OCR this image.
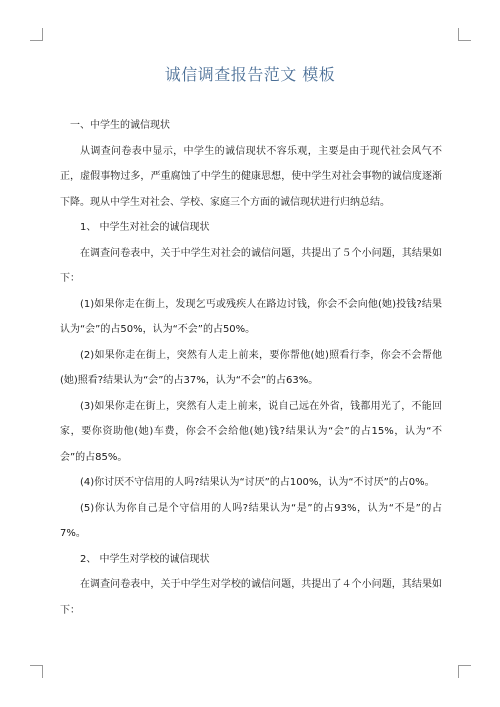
诚信调查报告范文 模板

一、中学生的诚信现状

从调查问卷表中显示，中学生的诚信现状不容乐观，主要是由于现代社会风气不正，虚假事物过多，严重腐蚀了中学生的健康思想，使中学生对社会事物的诚信度逐渐下降。现从中学生对社会、学校、家庭三个方面的诚信现状进行归纳总结。

1、 中学生对社会的诚信现状

在调查问卷表中，关于中学生对社会的诚信问题，共提出了５个小问题，其结果如下：

(1)如果你走在街上，发现乞丐或残疾人在路边讨钱，你会不会向他(她)投钱?结果认为“会”的占50%，认为“不会”的占50%。

(2)如果你走在街上，突然有人走上前来，要你帮他(她)照看行李，你会不会帮他(她)照看?结果认为“会”的占37%，认为“不会”的占63%。

(3)如果你走在街上，突然有人走上前来，说自己远在外省，钱都用光了，不能回家，要你资助他(她)车费，你会不会给他(她)钱?结果认为“会”的占15%，认为“不会”的占85%。

(4)你讨厌不守信用的人吗?结果认为“讨厌”的占100%，认为“不讨厌”的占0%。

(5)你认为你自己是个守信用的人吗?结果认为“是”的占93%，认为“不是”的占7%。

2、 中学生对学校的诚信现状

在调查问卷表中，关于中学生对学校的诚信问题，共提出了４个小问题，其结果如下：
